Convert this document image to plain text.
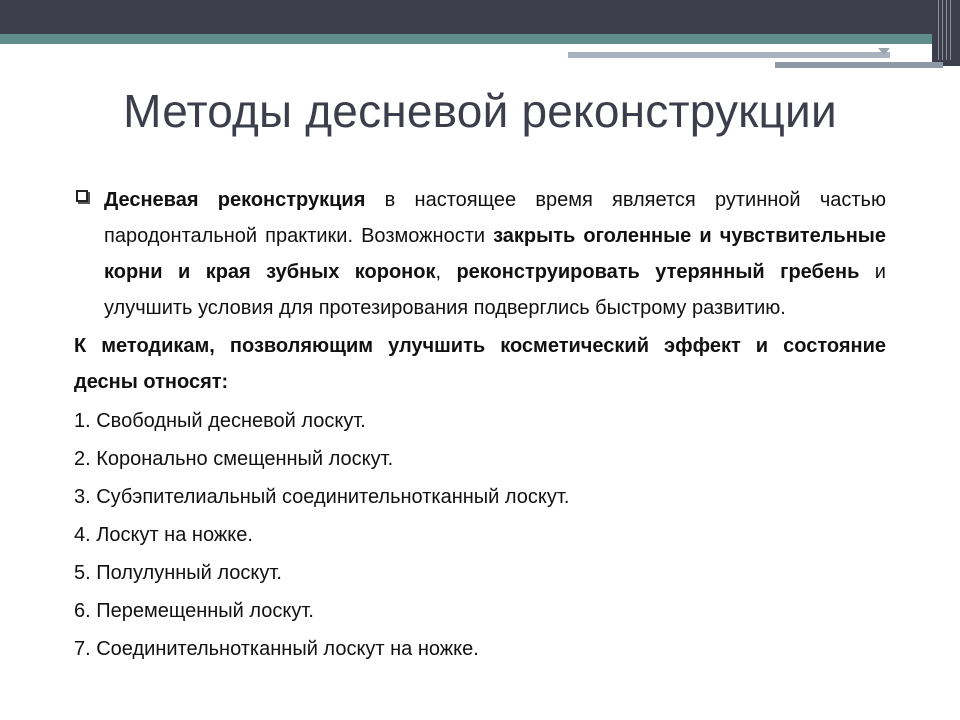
Методы десневой реконструкции
Десневая реконструкция в настоящее время является рутинной частью пародонтальной практики. Возможности закрыть оголенные и чувствительные корни и края зубных коронок, реконструировать утерянный гребень и улучшить условия для протезирования подверглись быстрому развитию.
К методикам, позволяющим улучшить косметический эффект и состояние десны относят:
1. Свободный десневой лоскут.
2. Коронально смещенный лоскут.
3. Субэпителиальный соединительнотканный лоскут.
4. Лоскут на ножке.
5. Полулунный лоскут.
6. Перемещенный лоскут.
7. Соединительнотканный лоскут на ножке.
